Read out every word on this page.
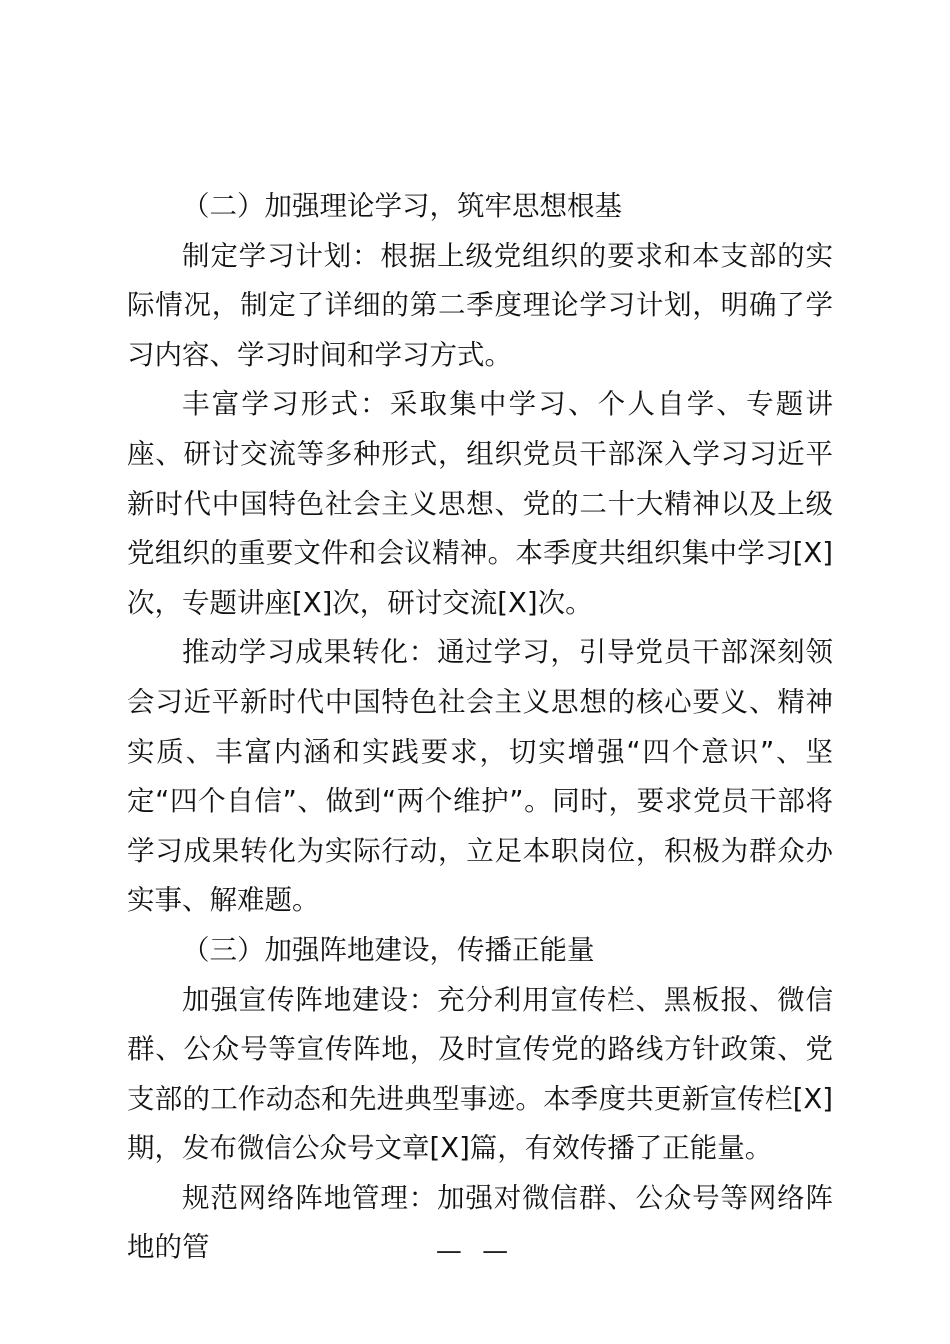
（二）加强理论学习，筑牢思想根基

制定学习计划：根据上级党组织的要求和本支部的实际情况，制定了详细的第二季度理论学习计划，明确了学习内容、学习时间和学习方式。

丰富学习形式：采取集中学习、个人自学、专题讲座、研讨交流等多种形式，组织党员干部深入学习习近平新时代中国特色社会主义思想、党的二十大精神以及上级党组织的重要文件和会议精神。本季度共组织集中学习[X]次，专题讲座[X]次，研讨交流[X]次。

推动学习成果转化：通过学习，引导党员干部深刻领会习近平新时代中国特色社会主义思想的核心要义、精神实质、丰富内涵和实践要求，切实增强“四个意识”、坚定“四个自信”、做到“两个维护”。同时，要求党员干部将学习成果转化为实际行动，立足本职岗位，积极为群众办实事、解难题。

（三）加强阵地建设，传播正能量

加强宣传阵地建设：充分利用宣传栏、黑板报、微信群、公众号等宣传阵地，及时宣传党的路线方针政策、党支部的工作动态和先进典型事迹。本季度共更新宣传栏[X]期，发布微信公众号文章[X]篇，有效传播了正能量。

规范网络阵地管理：加强对微信群、公众号等网络阵地的管	— —
